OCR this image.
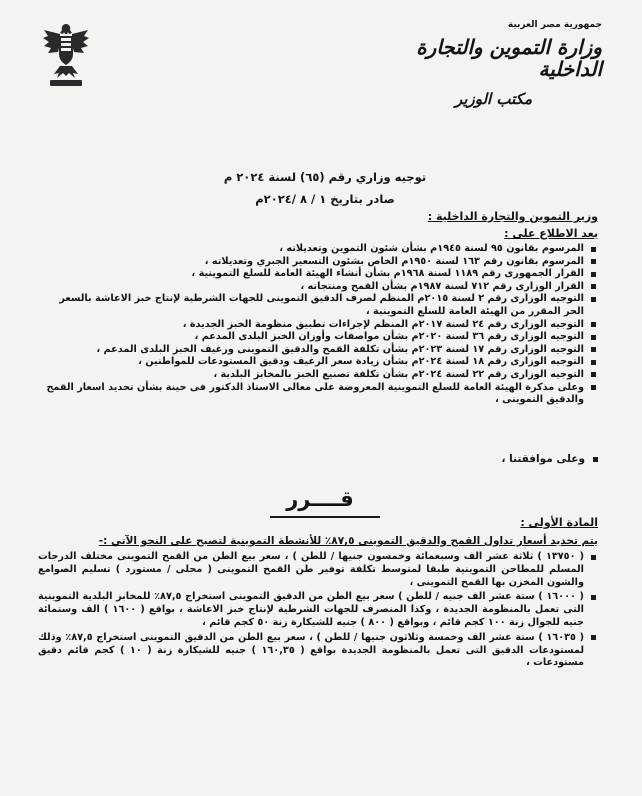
جمهورية مصر العربية
وزارة التموين والتجارة الداخلية
مكتب الوزير
توجيه وزاري رقم (٦٥) لسنة ٢٠٢٤ م
صادر بتاريخ ١ / ٨ /٢٠٢٤م
وزير التموين والتجارة الداخلية :
بعد الاطلاع على :
المرسوم بقانون ٩٥ لسنة ١٩٤٥م بشأن شئون التموين وتعديلاته ،
المرسوم بقانون رقم ١٦٣ لسنة ١٩٥٠م الخاص بشئون التسعير الجبري وتعديلاته ،
القرار الجمهورى رقم ١١٨٩ لسنة ١٩٦٨م بشأن أنشاء الهيئة العامة للسلع التموينية ،
القرار الوزارى رقم ٧١٢ لسنة ١٩٨٧م بشأن القمح ومنتجاته ،
التوجيه الوزارى رقم ٢ لسنة ٢٠١٥م المنظم لصرف الدقيق التموينى للجهات الشرطية لإنتاج خبز الاعاشة بالسعر الحر المقرر من الهيئة العامة للسلع التموينية ،
التوجيه الوزارى رقم ٢٤ لسنة ٢٠١٧م المنظم لإجراءات تطبيق منظومة الخبز الجديدة ،
التوجيه الوزارى رقم ٣٦ لسنة ٢٠٢٠م بشأن مواصفات وأوزان الخبز البلدى المدعم ،
التوجيه الوزارى رقم ١٧ لسنة ٢٠٢٣م بشأن تكلفة القمح والدقيق التموينى ورغيف الخبز البلدى المدعم ،
التوجيه الوزارى رقم ١٨ لسنة ٢٠٢٤م بشأن زيادة سعر الرغيف ودقيق المستودعات للمواطنين ،
التوجيه الوزارى رقم ٢٢ لسنة ٢٠٢٤م بشأن تكلفة تصنيع الخبز بالمخابز البلدية ،
وعلى مذكرة الهيئة العامة للسلع التموينية المعروضة على معالى الاستاذ الدكتور فى حينة بشأن تحديد اسعار القمح والدقيق التموينى ،
وعلى موافقتنا ،
قــــرر
المادة الأولى :
يتم تحديد أسعار تداول القمح والدقيق التموينى ٨٧,٥٪ للأنشطة التموينية لتصبح على النحو الآتي :-
( ١٣٧٥٠ ) ثلاثة عشر الف وسبعمائة وخمسون جنيها / للطن ) ، سعر بيع الطن من القمح التموينى مختلف الدرجات المسلم للمطاحن التموينية طبقا لمتوسط تكلفة توفير طن القمح التموينى ( محلى / مستورد ) تسليم الصوامع والشون المخزن بها القمح التموينى ،
( ١٦٠٠٠ ) ستة عشر الف جنيه / للطن ) سعر بيع الطن من الدقيق التموينى استخراج ٨٧,٥٪ للمخابز البلدية التموينية التى تعمل بالمنظومة الجديدة ، وكذا المنصرف للجهات الشرطية لإنتاج خبز الاعاشة ، بواقع ( ١٦٠٠ ) الف وستمائة جنيه للجوال زنة ١٠٠ كجم قائم ، وبواقع ( ٨٠٠ ) جنيه للشيكارة زنة ٥٠ كجم قائم ،
( ١٦٠٣٥ ) ستة عشر الف وخمسة وثلاثون جنيها / للطن ) ، سعر بيع الطن من الدقيق التموينى استخراج ٨٧,٥٪ وذلك لمستودعات الدقيق التى تعمل بالمنظومة الجديدة بواقع ( ١٦٠,٣٥ ) جنيه للشيكارة زنة ( ١٠ ) كجم قائم دقيق مستودعات ،
